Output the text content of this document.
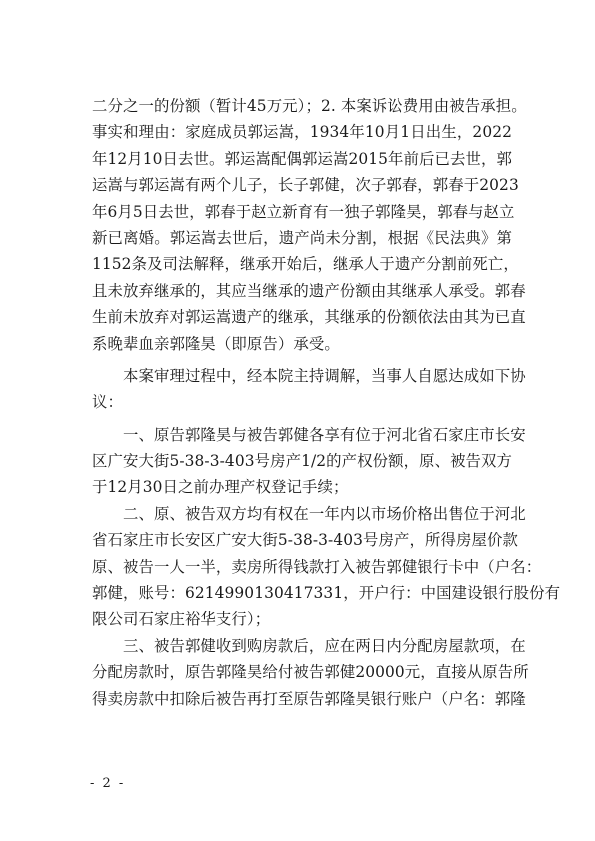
二分之一的份额（暂计45万元）；2. 本案诉讼费用由被告承担。
事实和理由：家庭成员郭运嵩，1934年10月1日出生，2022
年12月10日去世。郭运嵩配偶郭运嵩2015年前后已去世，郭
运嵩与郭运嵩有两个儿子，长子郭健，次子郭春，郭春于2023
年6月5日去世，郭春于赵立新育有一独子郭隆昊，郭春与赵立
新已离婚。郭运嵩去世后，遗产尚未分割，根据《民法典》第
1152条及司法解释，继承开始后，继承人于遗产分割前死亡，
且未放弃继承的，其应当继承的遗产份额由其继承人承受。郭春
生前未放弃对郭运嵩遗产的继承，其继承的份额依法由其为已直
系晚辈血亲郭隆昊（即原告）承受。
　　本案审理过程中，经本院主持调解，当事人自愿达成如下协
议：
　　一、原告郭隆昊与被告郭健各享有位于河北省石家庄市长安
区广安大街5-38-3-403号房产1/2的产权份额，原、被告双方
于12月30日之前办理产权登记手续；
　　二、原、被告双方均有权在一年内以市场价格出售位于河北
省石家庄市长安区广安大街5-38-3-403号房产，所得房屋价款
原、被告一人一半，卖房所得钱款打入被告郭健银行卡中（户名：
郭健，账号：6214990130417331，开户行：中国建设银行股份有
限公司石家庄裕华支行）；
　　三、被告郭健收到购房款后，应在两日内分配房屋款项，在
分配房款时，原告郭隆昊给付被告郭健20000元，直接从原告所
得卖房款中扣除后被告再打至原告郭隆昊银行账户（户名：郭隆
- 2 -
